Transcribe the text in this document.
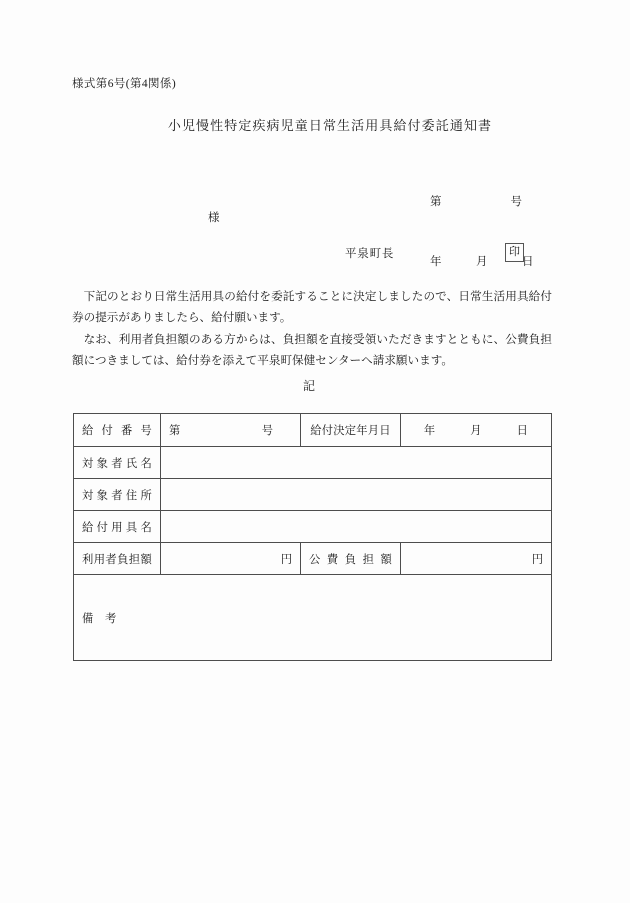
様式第6号(第4関係)
小児慢性特定疾病児童日常生活用具給付委託通知書

第　　　　　　号

年　　　月　　　日

様
平泉町長	印

下記のとおり日常生活用具の給付を委託することに決定しましたので、日常生活用具給付券の提示がありましたら、給付願います。

なお、利用者負担額のある方からは、負担額を直接受領いただきますとともに、公費負担額につきましては、給付券を添えて平泉町保健センターへ請求願います。

記
給付番号	第　　　　　　　号	給付決定年月日	年　　　月　　　日
対象者氏名			
対象者住所			
給付用具名			
利用者負担額	円	公費負担額	円
備　考			
